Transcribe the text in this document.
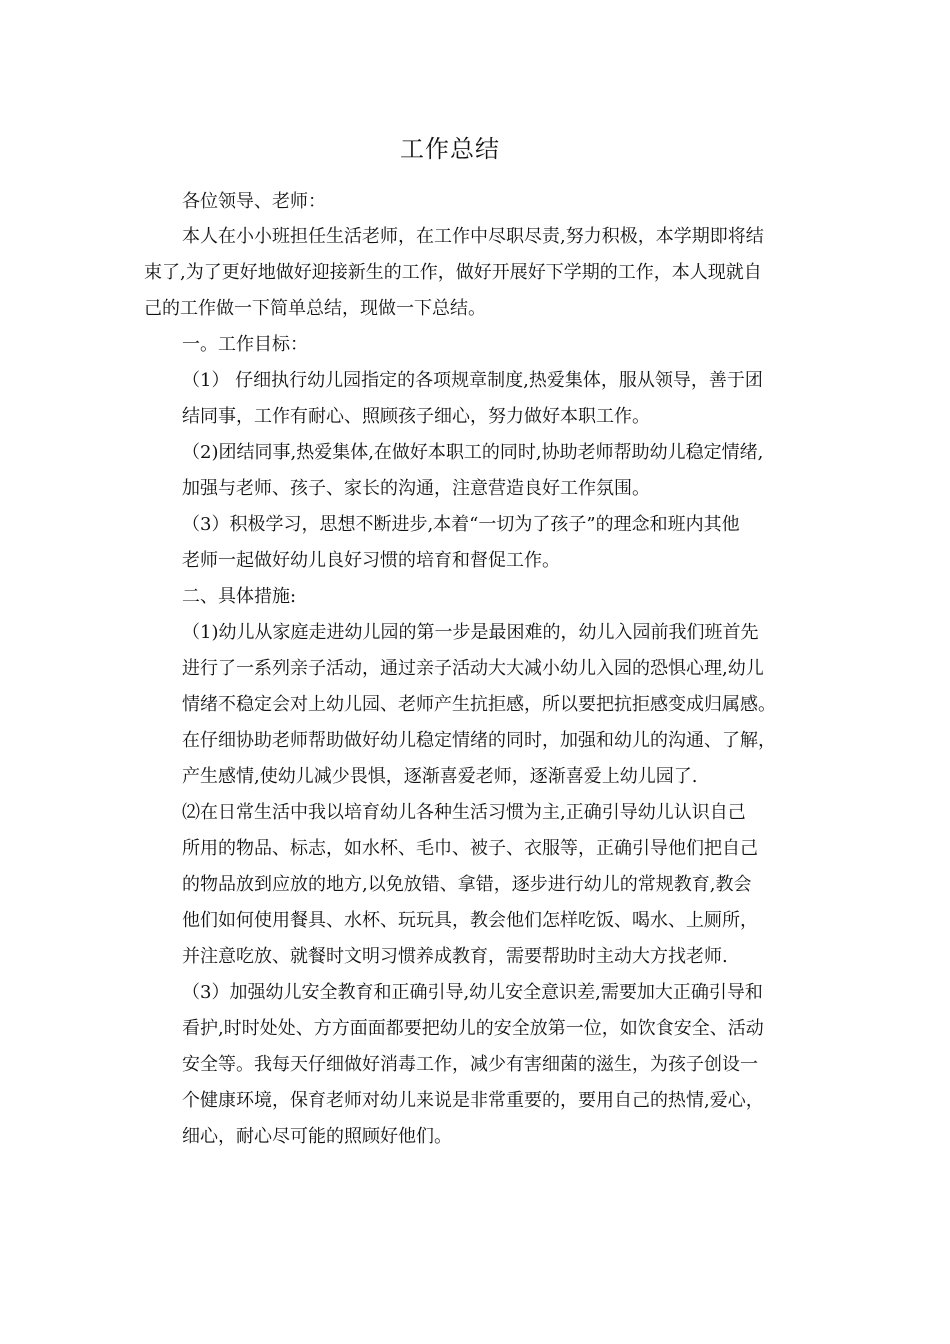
工作总结
各位领导、老师：
本人在小小班担任生活老师，在工作中尽职尽责,努力积极，本学期即将结
束了,为了更好地做好迎接新生的工作，做好开展好下学期的工作，本人现就自
己的工作做一下简单总结，现做一下总结。
一。工作目标：
（1） 仔细执行幼儿园指定的各项规章制度,热爱集体，服从领导，善于团
结同事，工作有耐心、照顾孩子细心，努力做好本职工作。
（2)团结同事,热爱集体,在做好本职工的同时,协助老师帮助幼儿稳定情绪,
加强与老师、孩子、家长的沟通，注意营造良好工作氛围。
（3）积极学习，思想不断进步,本着“一切为了孩子”的理念和班内其他
老师一起做好幼儿良好习惯的培育和督促工作。
二、具体措施:
（1)幼儿从家庭走进幼儿园的第一步是最困难的，幼儿入园前我们班首先
进行了一系列亲子活动，通过亲子活动大大减小幼儿入园的恐惧心理,幼儿
情绪不稳定会对上幼儿园、老师产生抗拒感，所以要把抗拒感变成归属感。
在仔细协助老师帮助做好幼儿稳定情绪的同时，加强和幼儿的沟通、了解，
产生感情,使幼儿减少畏惧，逐渐喜爱老师，逐渐喜爱上幼儿园了.
⑵在日常生活中我以培育幼儿各种生活习惯为主,正确引导幼儿认识自己
所用的物品、标志，如水杯、毛巾、被子、衣服等，正确引导他们把自己
的物品放到应放的地方,以免放错、拿错，逐步进行幼儿的常规教育,教会
他们如何使用餐具、水杯、玩玩具，教会他们怎样吃饭、喝水、上厕所，
并注意吃放、就餐时文明习惯养成教育，需要帮助时主动大方找老师.
（3）加强幼儿安全教育和正确引导,幼儿安全意识差,需要加大正确引导和
看护,时时处处、方方面面都要把幼儿的安全放第一位，如饮食安全、活动
安全等。我每天仔细做好消毒工作，减少有害细菌的滋生，为孩子创设一
个健康环境，保育老师对幼儿来说是非常重要的，要用自己的热情,爱心，
细心，耐心尽可能的照顾好他们。
